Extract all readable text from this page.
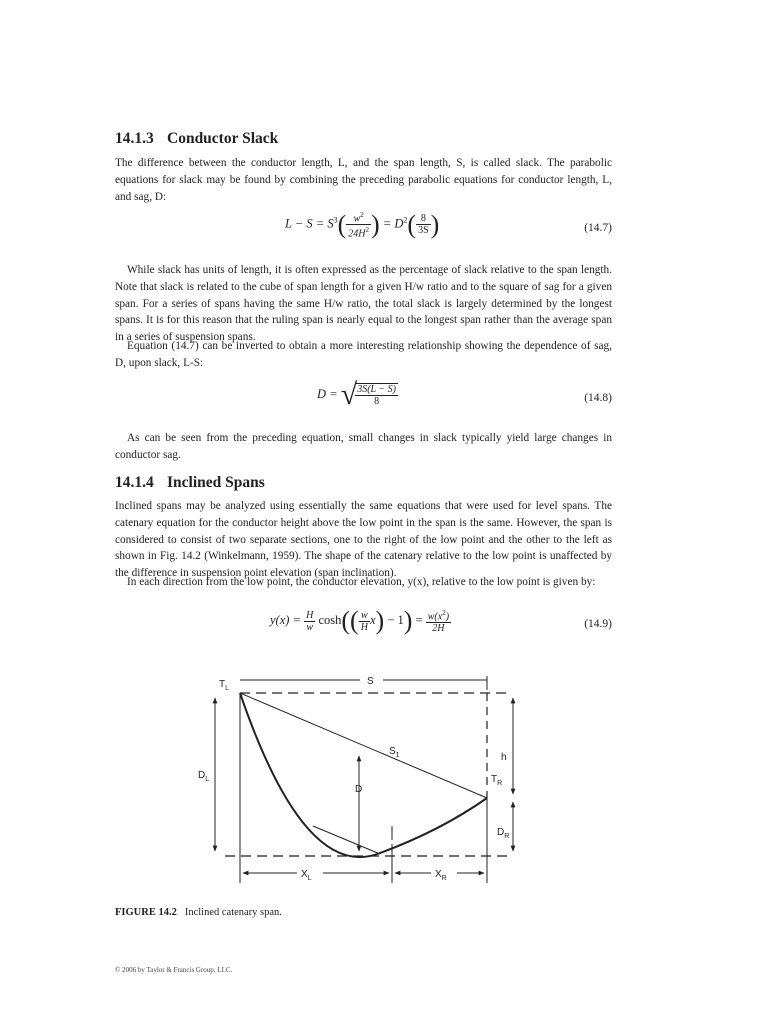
14.1.3 Conductor Slack

The difference between the conductor length, L, and the span length, S, is called slack. The parabolic equations for slack may be found by combining the preceding parabolic equations for conductor length, L, and sag, D:

$L - S = S^3( \frac{w^2}{24H^2}$ ) = $D^2( \frac{8}{3S}$ )	(14.7)

While slack has units of length, it is often expressed as the percentage of slack relative to the span length. Note that slack is related to the cube of span length for a given H/w ratio and to the square of sag for a given span. For a series of spans having the same H/w ratio, the total slack is largely determined by the longest spans. It is for this reason that the ruling span is nearly equal to the longest span rather than the average span in a series of suspension spans.

Equation (14.7) can be inverted to obtain a more interesting relationship showing the dependence of sag, D, upon slack, L-S:

D = √
$\frac{3S(L - S)}{8}$	(14.8)

As can be seen from the preceding equation, small changes in slack typically yield large changes in conductor sag.

14.1.4 Inclined Spans

Inclined spans may be analyzed using essentially the same equations that were used for level spans. The catenary equation for the conductor height above the low point in the span is the same. However, the span is considered to consist of two separate sections, one to the right of the low point and the other to the left as shown in Fig. 14.2 (Winkelmann, 1959). The shape of the catenary relative to the low point is unaffected by the difference in suspension point elevation (span inclination).

In each direction from the low point, the conductor elevation, y(x), relative to the low point is given by:

$y(x) = \frac{H}{w} \cosh(( \frac{w}{H} x) - 1) = \frac{w(x^2)}{2H}$	(14.9)
$T_L$
S
$S_1$	h
$T_R$
$D_L$
D
$D_R$
$X_L$	$X_R$
FIGURE 14.2 Inclined catenary span.
© 2006 by Taylor & Francis Group, LLC.
